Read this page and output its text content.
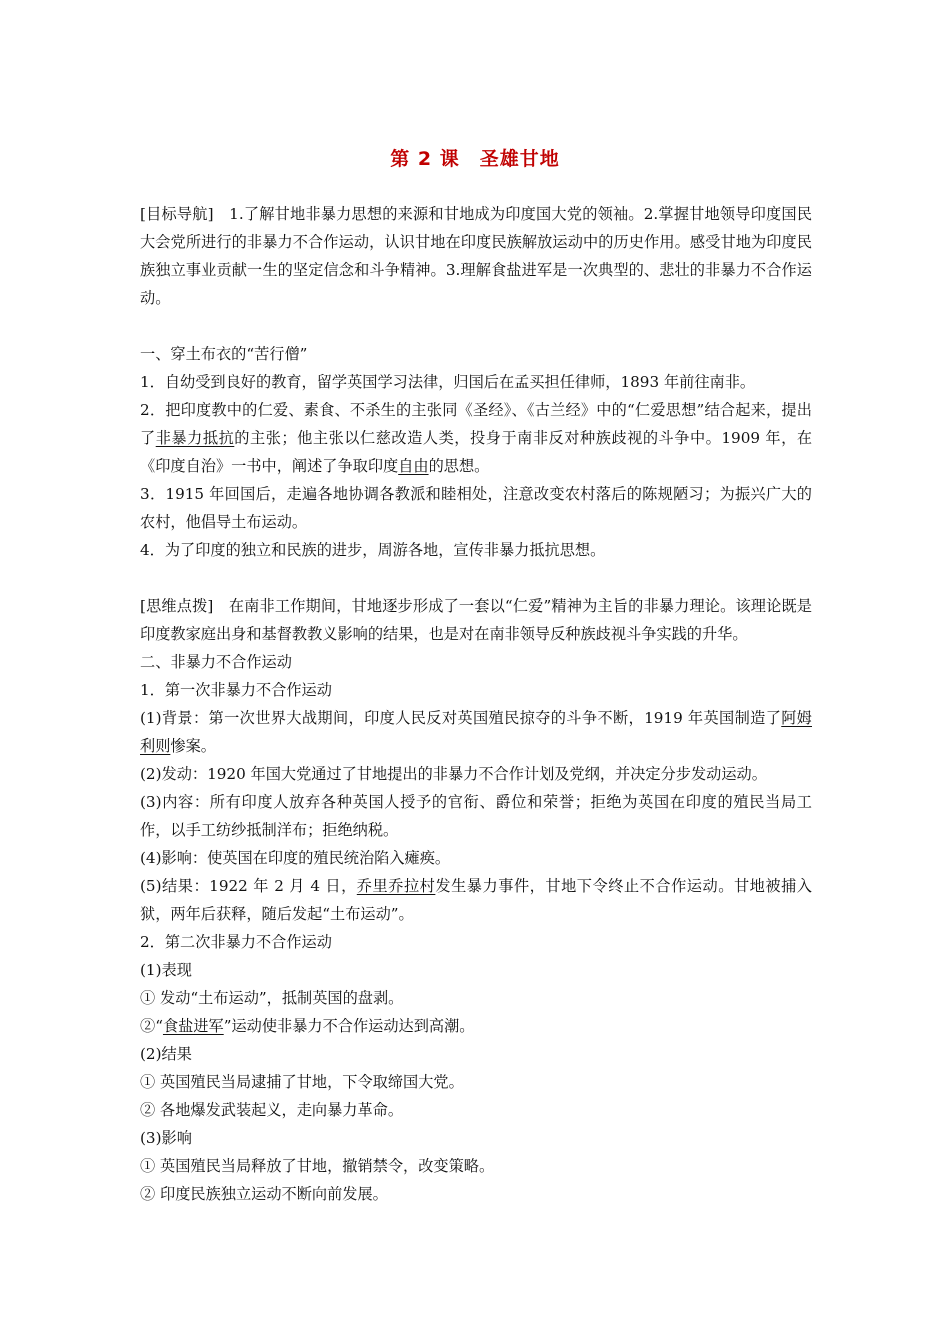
第 2 课　圣雄甘地

[目标导航]　1.了解甘地非暴力思想的来源和甘地成为印度国大党的领袖。2.掌握甘地领导印度国民大会党所进行的非暴力不合作运动，认识甘地在印度民族解放运动中的历史作用。感受甘地为印度民族独立事业贡献一生的坚定信念和斗争精神。3.理解食盐进军是一次典型的、悲壮的非暴力不合作运动。

一、穿土布衣的“苦行僧”

1．自幼受到良好的教育，留学英国学习法律，归国后在孟买担任律师，1893 年前往南非。

2．把印度教中的仁爱、素食、不杀生的主张同《圣经》、《古兰经》中的“仁爱思想”结合起来，提出了非暴力抵抗的主张；他主张以仁慈改造人类，投身于南非反对种族歧视的斗争中。1909 年，在《印度自治》一书中，阐述了争取印度自由的思想。

3．1915 年回国后，走遍各地协调各教派和睦相处，注意改变农村落后的陈规陋习；为振兴广大的农村，他倡导土布运动。

4．为了印度的独立和民族的进步，周游各地，宣传非暴力抵抗思想。

[思维点拨]　在南非工作期间，甘地逐步形成了一套以“仁爱”精神为主旨的非暴力理论。该理论既是印度教家庭出身和基督教教义影响的结果，也是对在南非领导反种族歧视斗争实践的升华。

二、非暴力不合作运动

1．第一次非暴力不合作运动

(1)背景：第一次世界大战期间，印度人民反对英国殖民掠夺的斗争不断，1919 年英国制造了阿姆利则惨案。

(2)发动：1920 年国大党通过了甘地提出的非暴力不合作计划及党纲，并决定分步发动运动。

(3)内容：所有印度人放弃各种英国人授予的官衔、爵位和荣誉；拒绝为英国在印度的殖民当局工作，以手工纺纱抵制洋布；拒绝纳税。

(4)影响：使英国在印度的殖民统治陷入瘫痪。

(5)结果：1922 年 2 月 4 日，乔里乔拉村发生暴力事件，甘地下令终止不合作运动。甘地被捕入狱，两年后获释，随后发起“土布运动”。

2．第二次非暴力不合作运动

(1)表现

① 发动“土布运动”，抵制英国的盘剥。

②“食盐进军”运动使非暴力不合作运动达到高潮。

(2)结果

① 英国殖民当局逮捕了甘地，下令取缔国大党。

② 各地爆发武装起义，走向暴力革命。

(3)影响

① 英国殖民当局释放了甘地，撤销禁令，改变策略。

② 印度民族独立运动不断向前发展。
